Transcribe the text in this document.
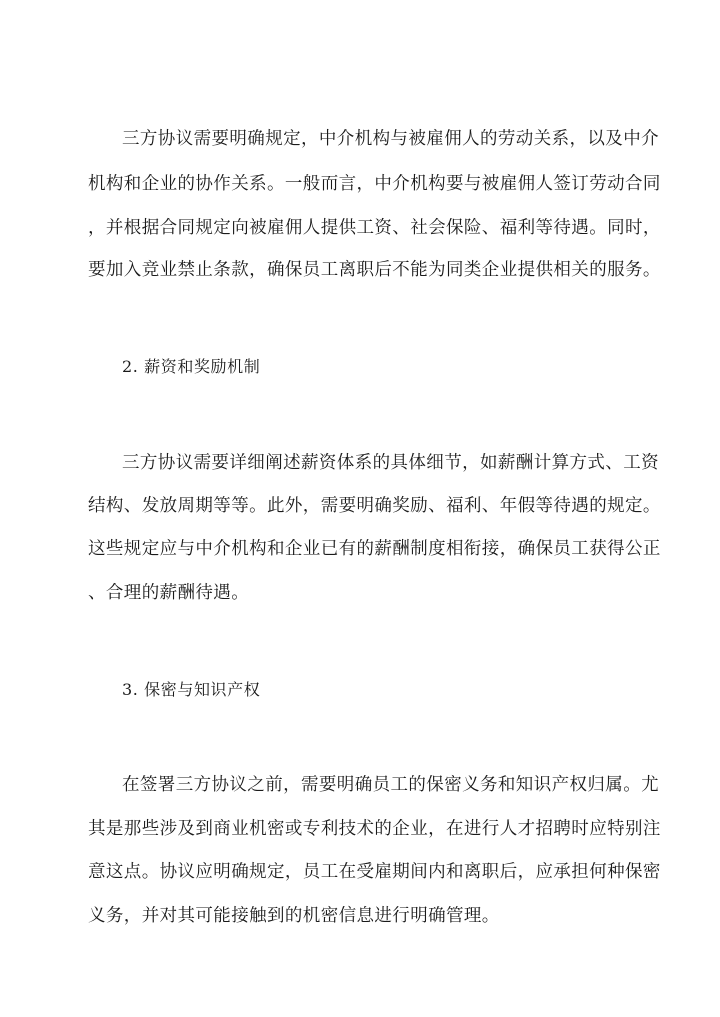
三方协议需要明确规定，中介机构与被雇佣人的劳动关系，以及中介
机构和企业的协作关系。一般而言，中介机构要与被雇佣人签订劳动合同
，并根据合同规定向被雇佣人提供工资、社会保险、福利等待遇。同时，
要加入竞业禁止条款，确保员工离职后不能为同类企业提供相关的服务。
2. 薪资和奖励机制
三方协议需要详细阐述薪资体系的具体细节，如薪酬计算方式、工资
结构、发放周期等等。此外，需要明确奖励、福利、年假等待遇的规定。
这些规定应与中介机构和企业已有的薪酬制度相衔接，确保员工获得公正
、合理的薪酬待遇。
3. 保密与知识产权
在签署三方协议之前，需要明确员工的保密义务和知识产权归属。尤
其是那些涉及到商业机密或专利技术的企业，在进行人才招聘时应特别注
意这点。协议应明确规定，员工在受雇期间内和离职后，应承担何种保密
义务，并对其可能接触到的机密信息进行明确管理。
